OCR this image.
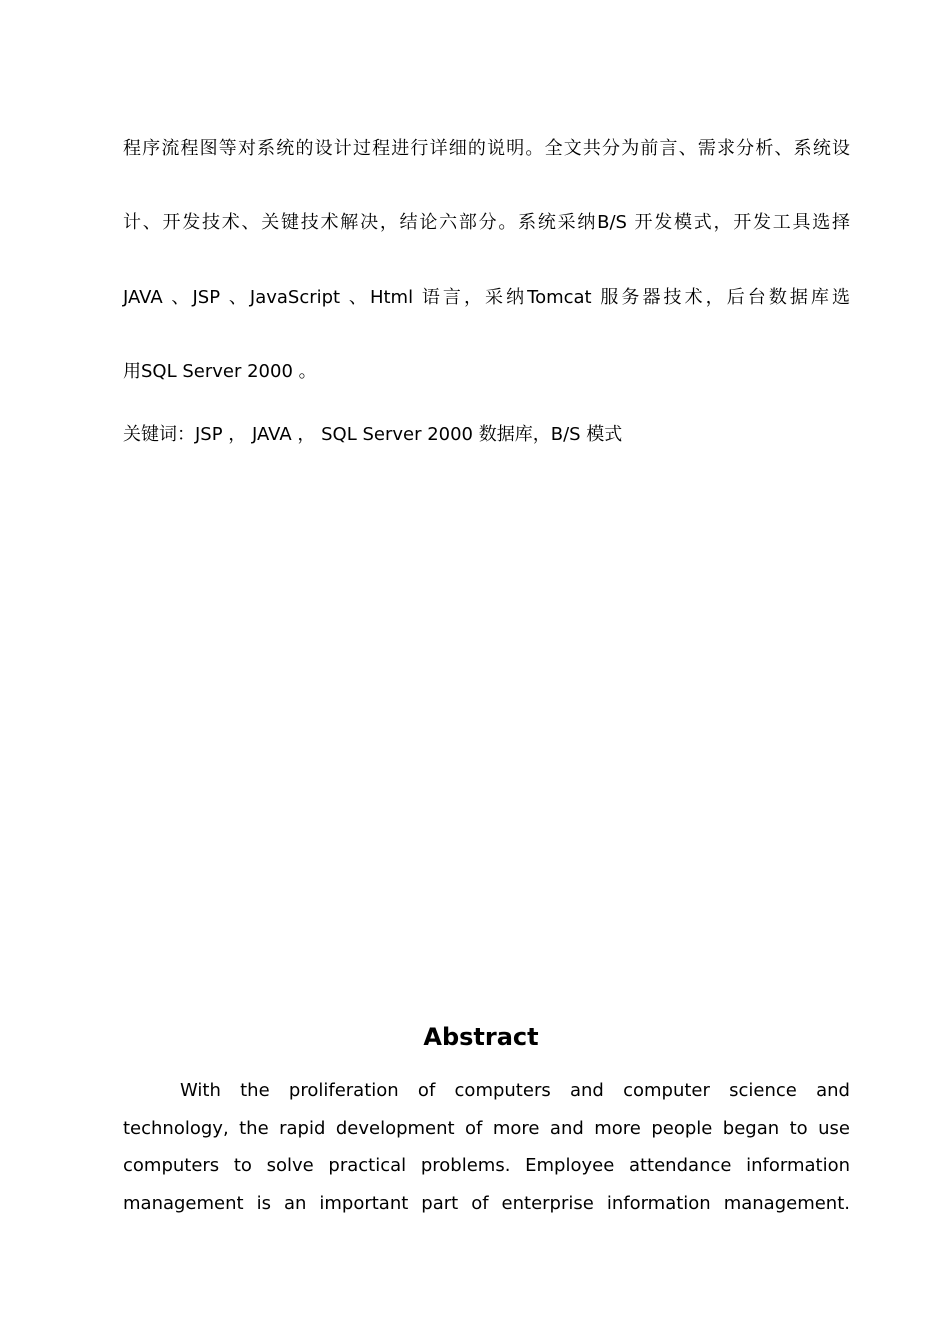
程序流程图等对系统的设计过程进行详细的说明。全文共分为前言、需求分析、系统设
计、开发技术、关键技术解决，结论六部分。系统采纳B/S 开发模式，开发工具选择
JAVA 、JSP 、JavaScript 、Html 语言，采纳Tomcat 服务器技术，后台数据库选
用SQL Server 2000 。
关键词：JSP ， JAVA ， SQL Server 2000 数据库，B/S 模式
Abstract
With the proliferation of computers and computer science and
technology, the rapid development of more and more people began to use
computers to solve practical problems. Employee attendance information
management is an important part of enterprise information management.
